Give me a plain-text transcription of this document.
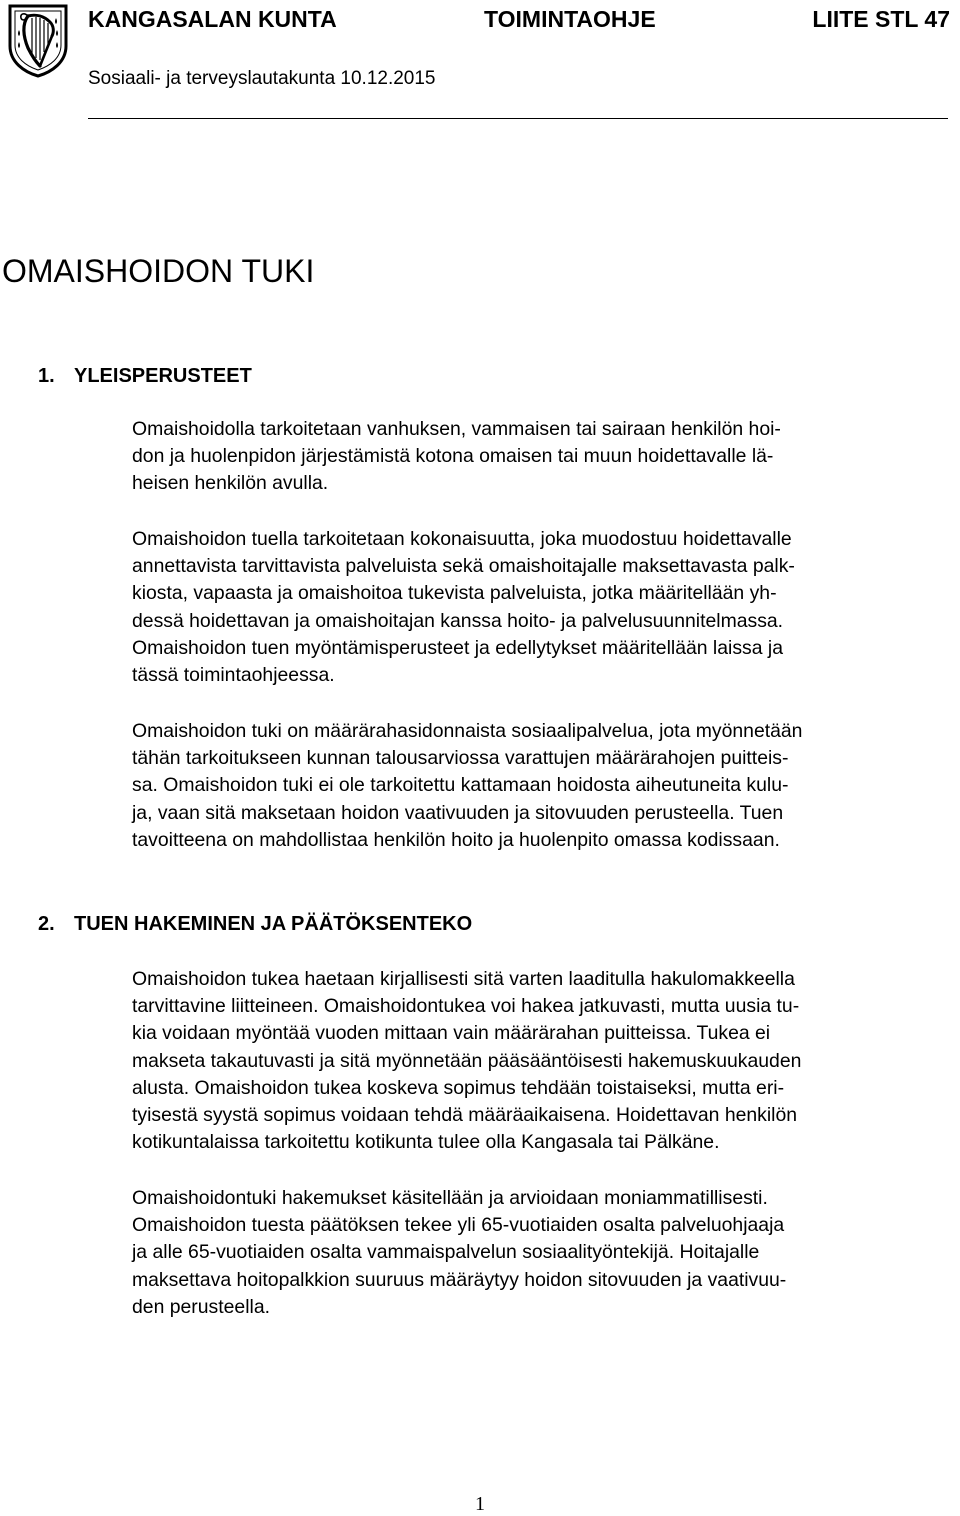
KANGASALAN KUNTA	TOIMINTAOHJE	LIITE STL 47
Sosiaali- ja terveyslautakunta 10.12.2015
OMAISHOIDON TUKI
1. YLEISPERUSTEET
Omaishoidolla tarkoitetaan vanhuksen, vammaisen tai sairaan henkilön hoi-
don ja huolenpidon järjestämistä kotona omaisen tai muun hoidettavalle lä-
heisen henkilön avulla.
Omaishoidon tuella tarkoitetaan kokonaisuutta, joka muodostuu hoidettavalle
annettavista tarvittavista palveluista sekä omaishoitajalle maksettavasta palk-
kiosta, vapaasta ja omaishoitoa tukevista palveluista, jotka määritellään yh-
dessä hoidettavan ja omaishoitajan kanssa hoito- ja palvelusuunnitelmassa.
Omaishoidon tuen myöntämisperusteet ja edellytykset määritellään laissa ja
tässä toimintaohjeessa.
Omaishoidon tuki on määrärahasidonnaista sosiaalipalvelua, jota myönnetään
tähän tarkoitukseen kunnan talousarviossa varattujen määrärahojen puitteis-
sa. Omaishoidon tuki ei ole tarkoitettu kattamaan hoidosta aiheutuneita kulu-
ja, vaan sitä maksetaan hoidon vaativuuden ja sitovuuden perusteella. Tuen
tavoitteena on mahdollistaa henkilön hoito ja huolenpito omassa kodissaan.
2. TUEN HAKEMINEN JA PÄÄTÖKSENTEKO
Omaishoidon tukea haetaan kirjallisesti sitä varten laaditulla hakulomakkeella
tarvittavine liitteineen. Omaishoidontukea voi hakea jatkuvasti, mutta uusia tu-
kia voidaan myöntää vuoden mittaan vain määrärahan puitteissa. Tukea ei
makseta takautuvasti ja sitä myönnetään pääsääntöisesti hakemuskuukauden
alusta. Omaishoidon tukea koskeva sopimus tehdään toistaiseksi, mutta eri-
tyisestä syystä sopimus voidaan tehdä määräaikaisena. Hoidettavan henkilön
kotikuntalaissa tarkoitettu kotikunta tulee olla Kangasala tai Pälkäne.
Omaishoidontuki hakemukset käsitellään ja arvioidaan moniammatillisesti.
Omaishoidon tuesta päätöksen tekee yli 65-vuotiaiden osalta palveluohjaaja
ja alle 65-vuotiaiden osalta vammaispalvelun sosiaalityöntekijä. Hoitajalle
maksettava hoitopalkkion suuruus määräytyy hoidon sitovuuden ja vaativuu-
den perusteella.
1
